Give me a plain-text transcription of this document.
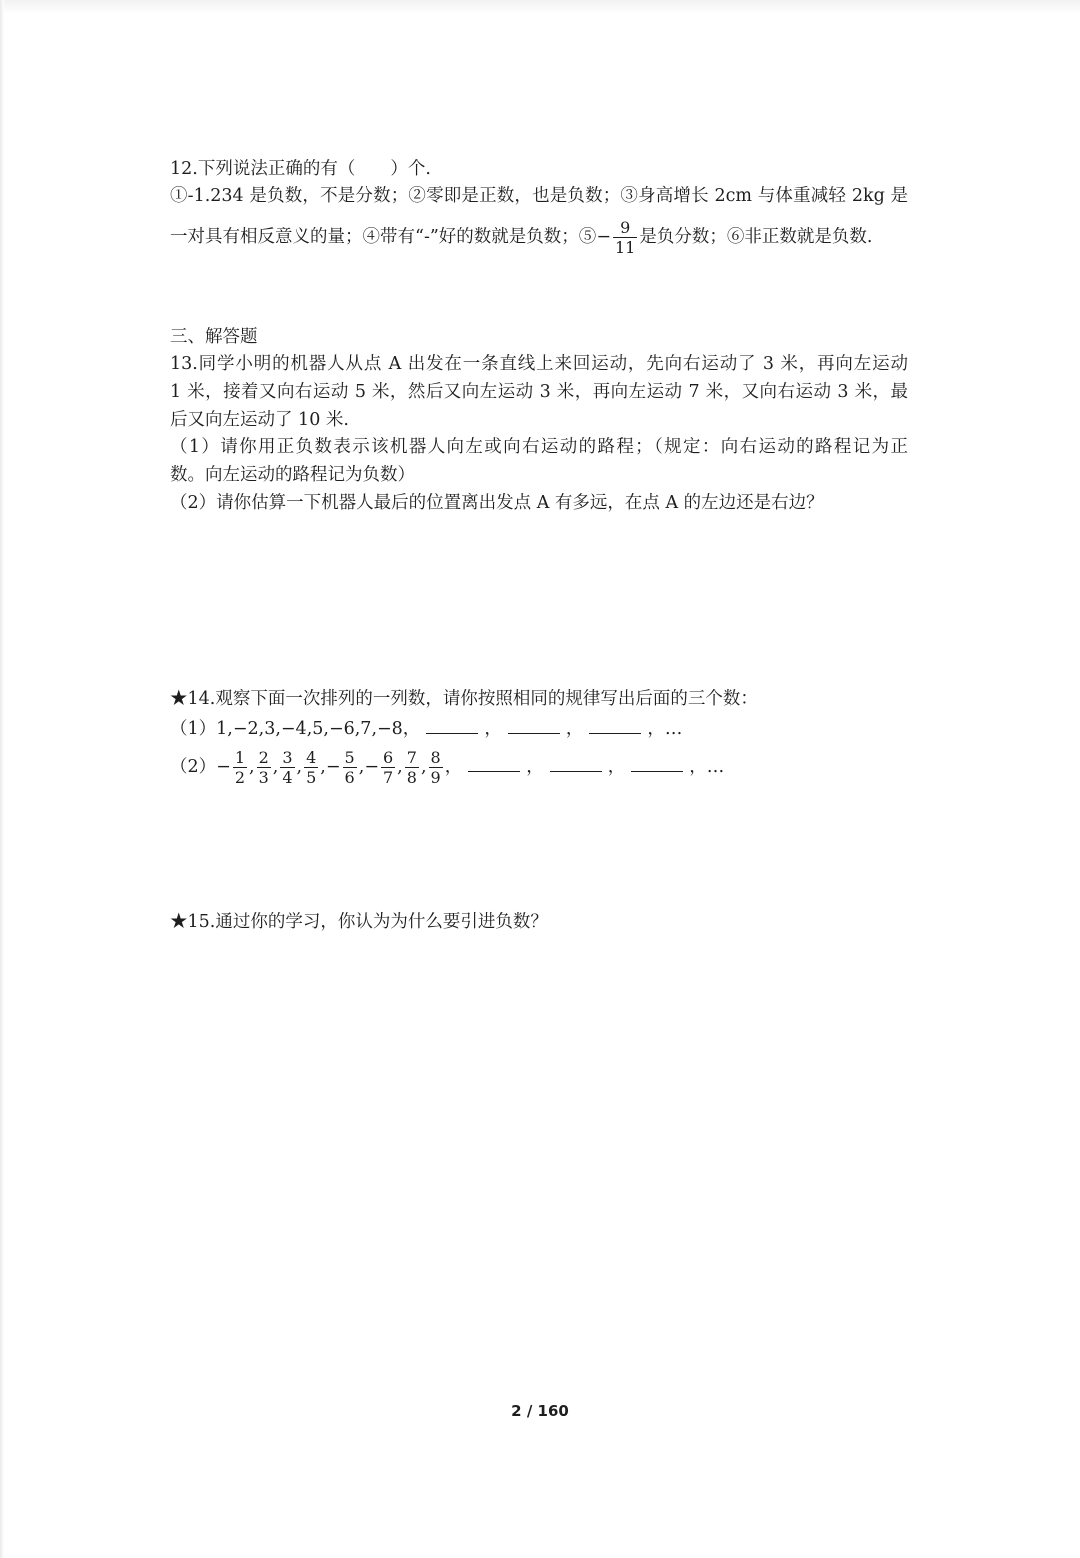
12.下列说法正确的有（　　）个.
①-1.234 是负数，不是分数；②零即是正数，也是负数；③身高增长 2cm 与体重减轻 2kg 是
一对具有相反意义的量；④带有“-”好的数就是负数；⑤− $\frac{9}{11}$ 是负分数；⑥非正数就是负数.
三、解答题
13.同学小明的机器人从点 A 出发在一条直线上来回运动，先向右运动了 3 米，再向左运动
1 米，接着又向右运动 5 米，然后又向左运动 3 米，再向左运动 7 米，又向右运动 3 米，最
后又向左运动了 10 米.
（1）请你用正负数表示该机器人向左或向右运动的路程；（规定：向右运动的路程记为正
数。向左运动的路程记为负数）
（2）请你估算一下机器人最后的位置离出发点 A 有多远，在点 A 的左边还是右边？
★14.观察下面一次排列的一列数，请你按照相同的规律写出后面的三个数：
（1）1,−2,3,−4,5,−6,7,−8，	，	，	，…
$(2)- \frac{1}{2}$ , $\frac{2}{3}$ , $\frac{3}{4}$ , $\frac{4}{5}$ ,− $\frac{5}{6}$ ,− $\frac{6}{7}$ , $\frac{7}{8}$ , $\frac{8}{9}$ ，	，	，	，…
★15.通过你的学习，你认为为什么要引进负数？
2 / 160
